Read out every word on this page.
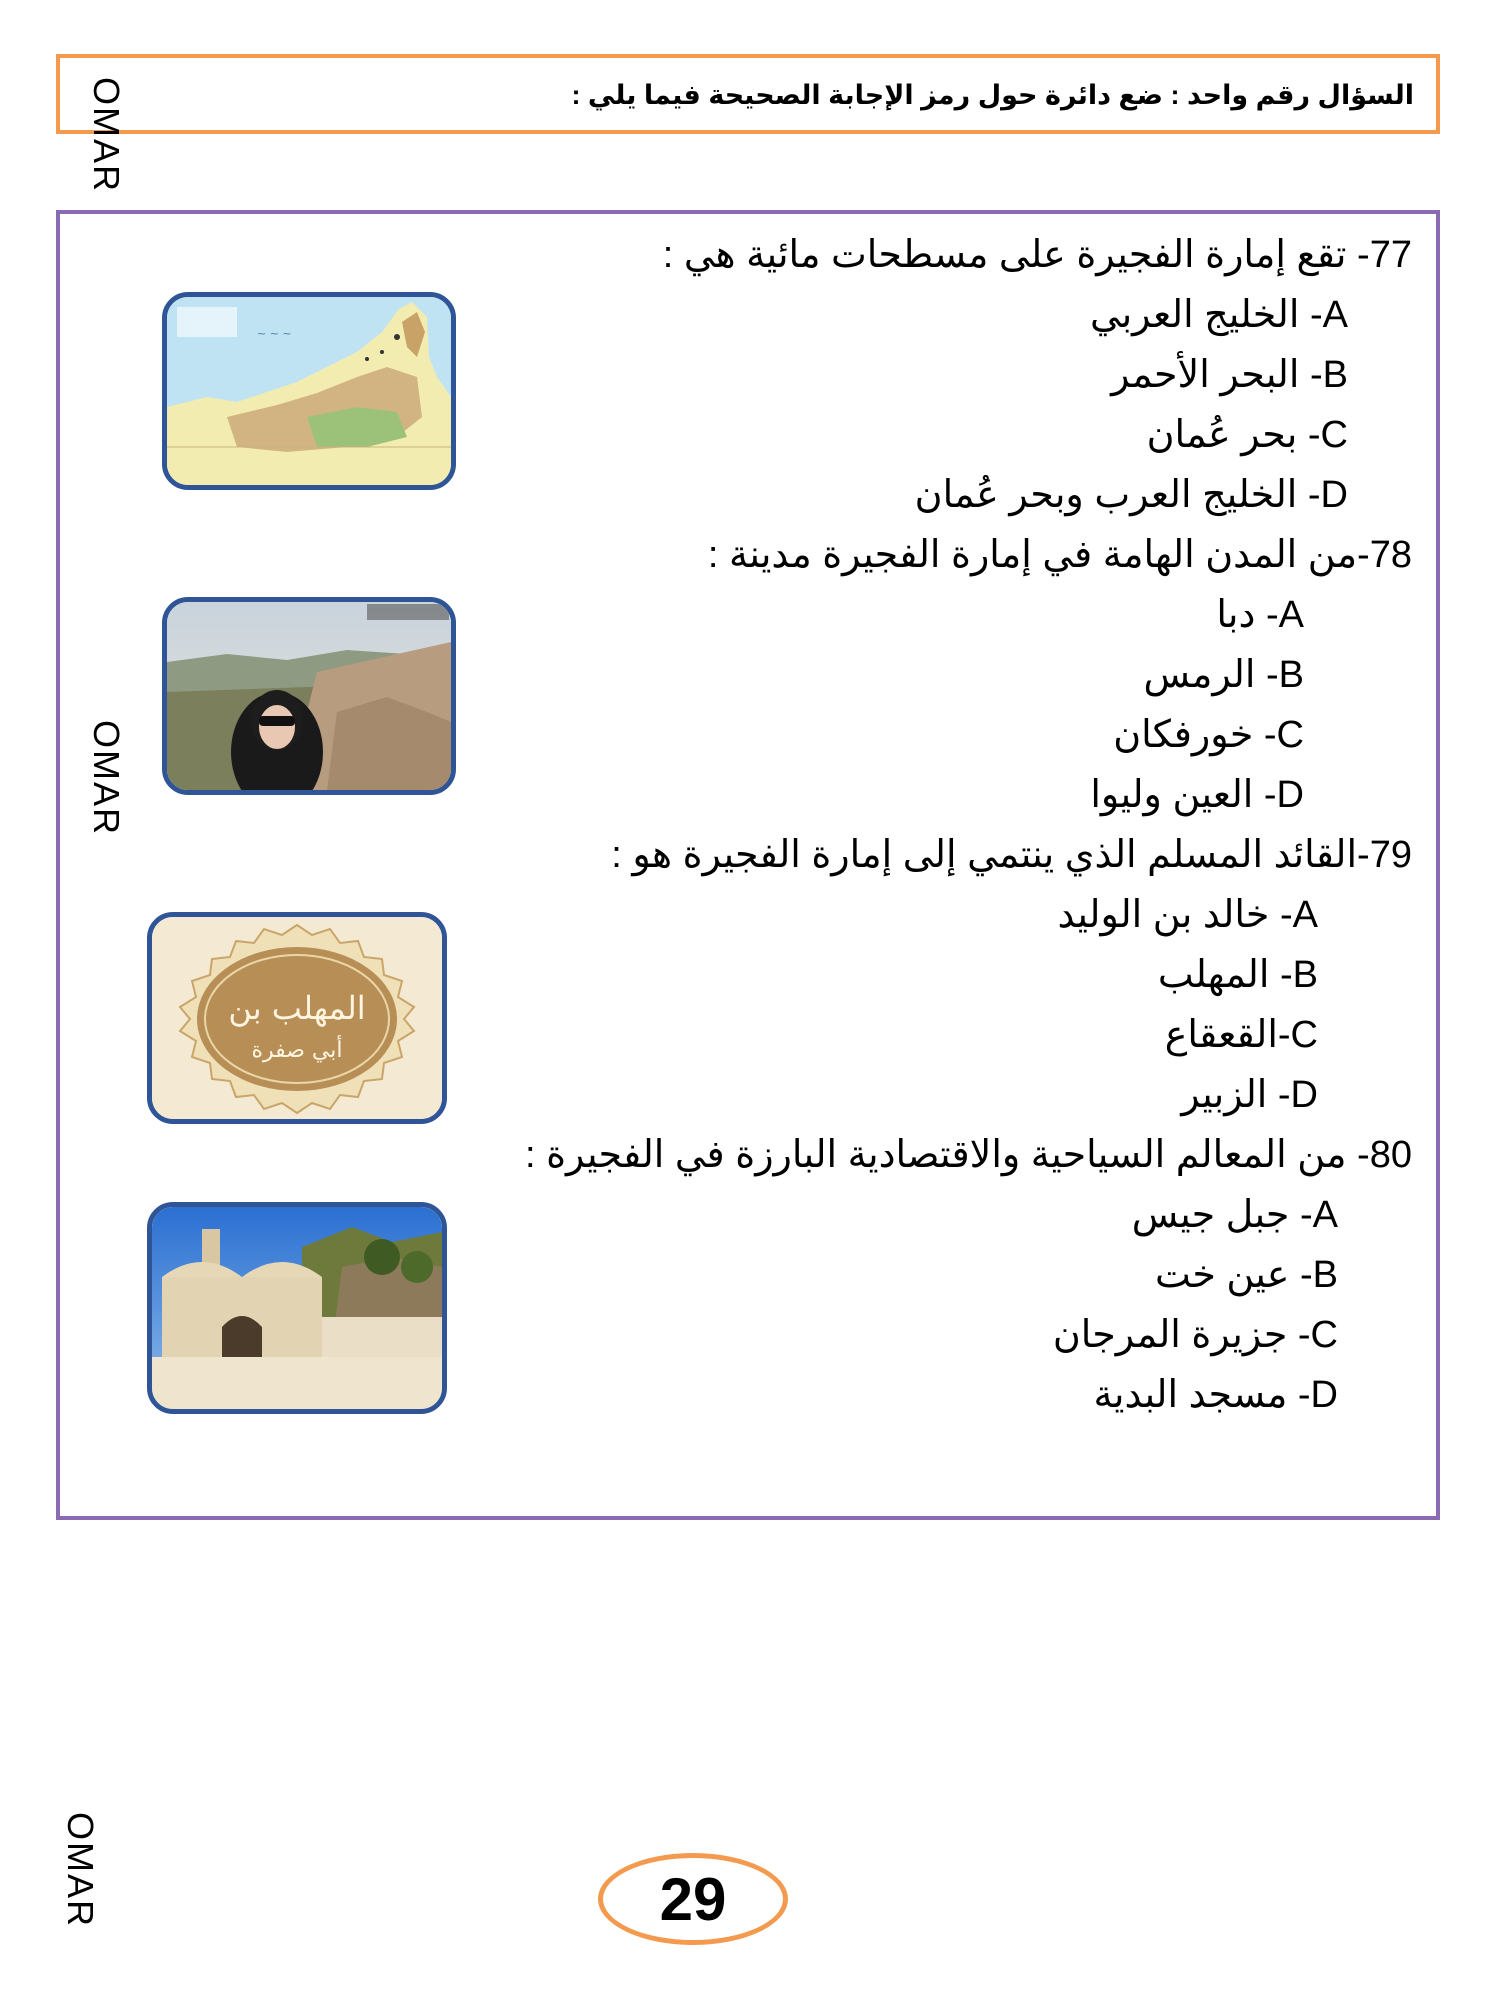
السؤال رقم واحد : ضع دائرة حول رمز الإجابة الصحيحة فيما يلي :
OMAR
OMAR
OMAR
77- تقع إمارة الفجيرة على مسطحات مائية هي :
A- الخليج العربي
B- البحر الأحمر
C- بحر عُمان
D- الخليج العرب وبحر عُمان
78-من المدن الهامة في إمارة الفجيرة مدينة :
A- دبا
B- الرمس
C- خورفكان
D- العين وليوا
79-القائد المسلم الذي ينتمي إلى إمارة الفجيرة هو :
A- خالد بن الوليد
B- المهلب
C-القعقاع
D- الزبير
80- من المعالم السياحية والاقتصادية البارزة في الفجيرة :
A- جبل جيس
B- عين خت
C- جزيرة المرجان
D- مسجد البدية
~ ~ ~
المهلب بن
أبي صفرة
29
